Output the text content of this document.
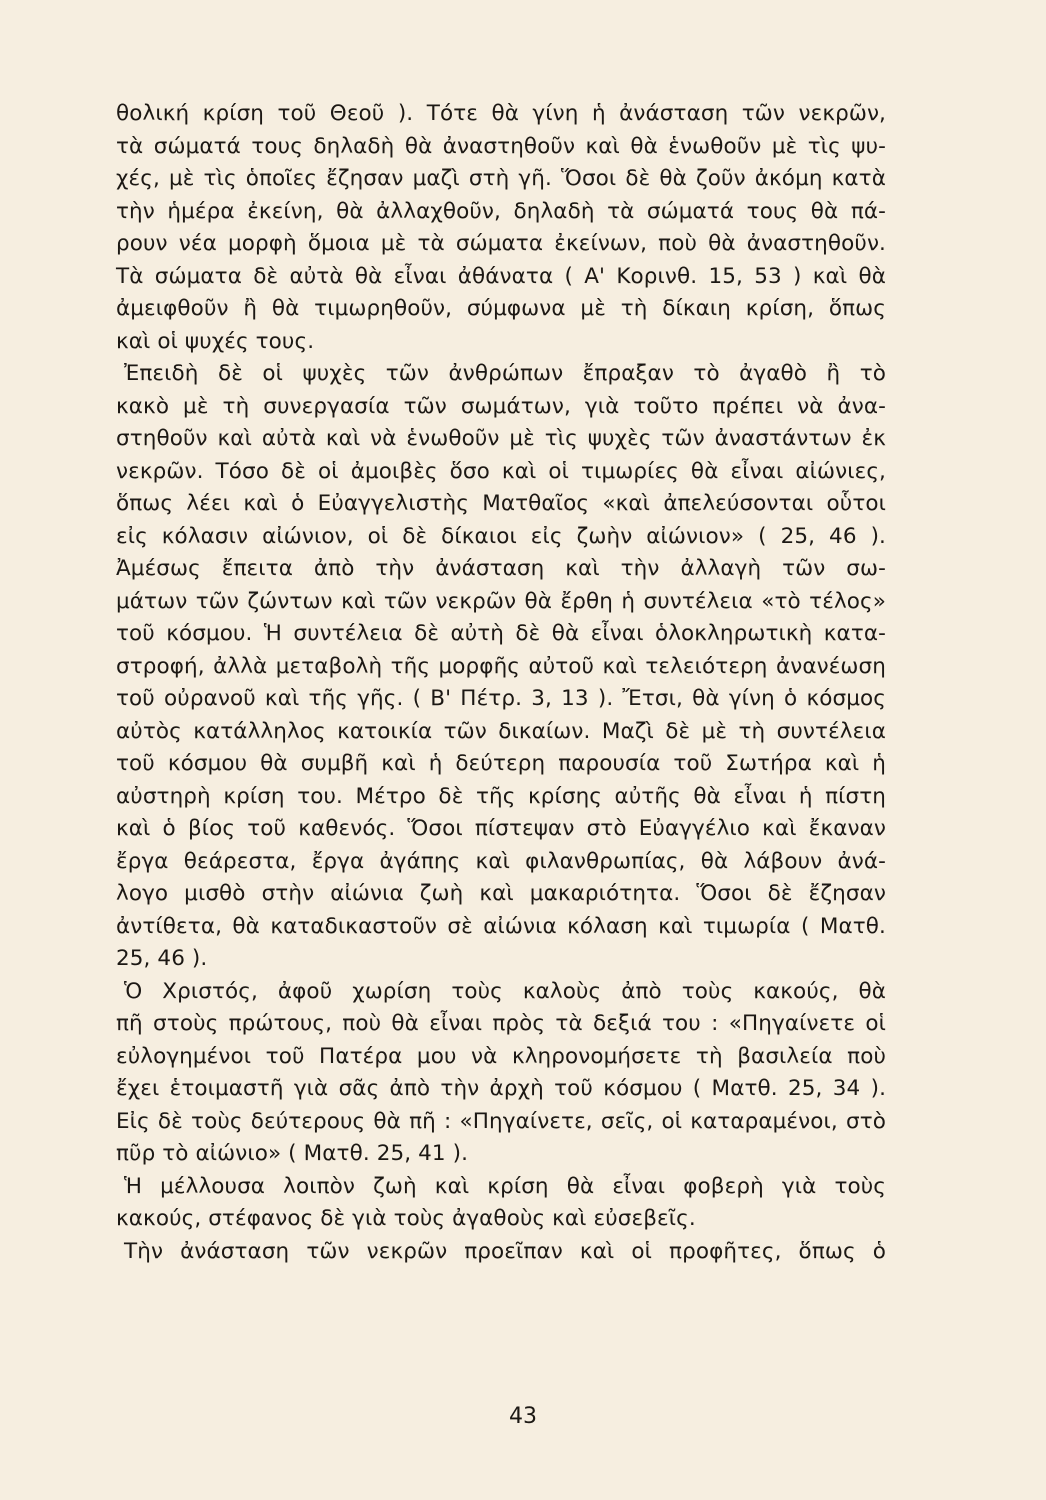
θολική κρίση τοῦ Θεοῦ ). Τότε θὰ γίνη ἡ ἀνάσταση τῶν νεκρῶν,
τὰ σώματά τους δηλαδὴ θὰ ἀναστηθοῦν καὶ θὰ ἑνωθοῦν μὲ τὶς ψυ-
χές, μὲ τὶς ὁποῖες ἔζησαν μαζὶ στὴ γῆ. Ὅσοι δὲ θὰ ζοῦν ἀκόμη κατὰ
τὴν ἡμέρα ἐκείνη, θὰ ἀλλαχθοῦν, δηλαδὴ τὰ σώματά τους θὰ πά-
ρουν νέα μορφὴ ὅμοια μὲ τὰ σώματα ἐκείνων, ποὺ θὰ ἀναστηθοῦν.
Τὰ σώματα δὲ αὐτὰ θὰ εἶναι ἀθάνατα ( Α' Κορινθ. 15, 53 ) καὶ θὰ
ἀμειφθοῦν ἢ θὰ τιμωρηθοῦν, σύμφωνα μὲ τὴ δίκαιη κρίση, ὅπως
καὶ οἱ ψυχές τους.
Ἐπειδὴ δὲ οἱ ψυχὲς τῶν ἀνθρώπων ἔπραξαν τὸ ἀγαθὸ ἢ τὸ
κακὸ μὲ τὴ συνεργασία τῶν σωμάτων, γιὰ τοῦτο πρέπει νὰ ἀνα-
στηθοῦν καὶ αὐτὰ καὶ νὰ ἑνωθοῦν μὲ τὶς ψυχὲς τῶν ἀναστάντων ἐκ
νεκρῶν. Τόσο δὲ οἱ ἀμοιβὲς ὅσο καὶ οἱ τιμωρίες θὰ εἶναι αἰώνιες,
ὅπως λέει καὶ ὁ Εὐαγγελιστὴς Ματθαῖος «καὶ ἀπελεύσονται οὗτοι
εἰς κόλασιν αἰώνιον, οἱ δὲ δίκαιοι εἰς ζωὴν αἰώνιον» ( 25, 46 ).
Ἀμέσως ἔπειτα ἀπὸ τὴν ἀνάσταση καὶ τὴν ἀλλαγὴ τῶν σω-
μάτων τῶν ζώντων καὶ τῶν νεκρῶν θὰ ἔρθη ἡ συντέλεια «τὸ τέλος»
τοῦ κόσμου. Ἡ συντέλεια δὲ αὐτὴ δὲ θὰ εἶναι ὁλοκληρωτικὴ κατα-
στροφή, ἀλλὰ μεταβολὴ τῆς μορφῆς αὐτοῦ καὶ τελειότερη ἀνανέωση
τοῦ οὐρανοῦ καὶ τῆς γῆς. ( Β' Πέτρ. 3, 13 ). Ἔτσι, θὰ γίνη ὁ κόσμος
αὐτὸς κατάλληλος κατοικία τῶν δικαίων. Μαζὶ δὲ μὲ τὴ συντέλεια
τοῦ κόσμου θὰ συμβῆ καὶ ἡ δεύτερη παρουσία τοῦ Σωτήρα καὶ ἡ
αὐστηρὴ κρίση του. Μέτρο δὲ τῆς κρίσης αὐτῆς θὰ εἶναι ἡ πίστη
καὶ ὁ βίος τοῦ καθενός. Ὅσοι πίστεψαν στὸ Εὐαγγέλιο καὶ ἔκαναν
ἔργα θεάρεστα, ἔργα ἀγάπης καὶ φιλανθρωπίας, θὰ λάβουν ἀνά-
λογο μισθὸ στὴν αἰώνια ζωὴ καὶ μακαριότητα. Ὅσοι δὲ ἔζησαν
ἀντίθετα, θὰ καταδικαστοῦν σὲ αἰώνια κόλαση καὶ τιμωρία ( Ματθ.
25, 46 ).
Ὁ Χριστός, ἀφοῦ χωρίση τοὺς καλοὺς ἀπὸ τοὺς κακούς, θὰ
πῆ στοὺς πρώτους, ποὺ θὰ εἶναι πρὸς τὰ δεξιά του : «Πηγαίνετε οἱ
εὐλογημένοι τοῦ Πατέρα μου νὰ κληρονομήσετε τὴ βασιλεία ποὺ
ἔχει ἑτοιμαστῆ γιὰ σᾶς ἀπὸ τὴν ἀρχὴ τοῦ κόσμου ( Ματθ. 25, 34 ).
Εἰς δὲ τοὺς δεύτερους θὰ πῆ : «Πηγαίνετε, σεῖς, οἱ καταραμένοι, στὸ
πῦρ τὸ αἰώνιο» ( Ματθ. 25, 41 ).
Ἡ μέλλουσα λοιπὸν ζωὴ καὶ κρίση θὰ εἶναι φοβερὴ γιὰ τοὺς
κακούς, στέφανος δὲ γιὰ τοὺς ἀγαθοὺς καὶ εὐσεβεῖς.
Τὴν ἀνάσταση τῶν νεκρῶν προεῖπαν καὶ οἱ προφῆτες, ὅπως ὁ
43
